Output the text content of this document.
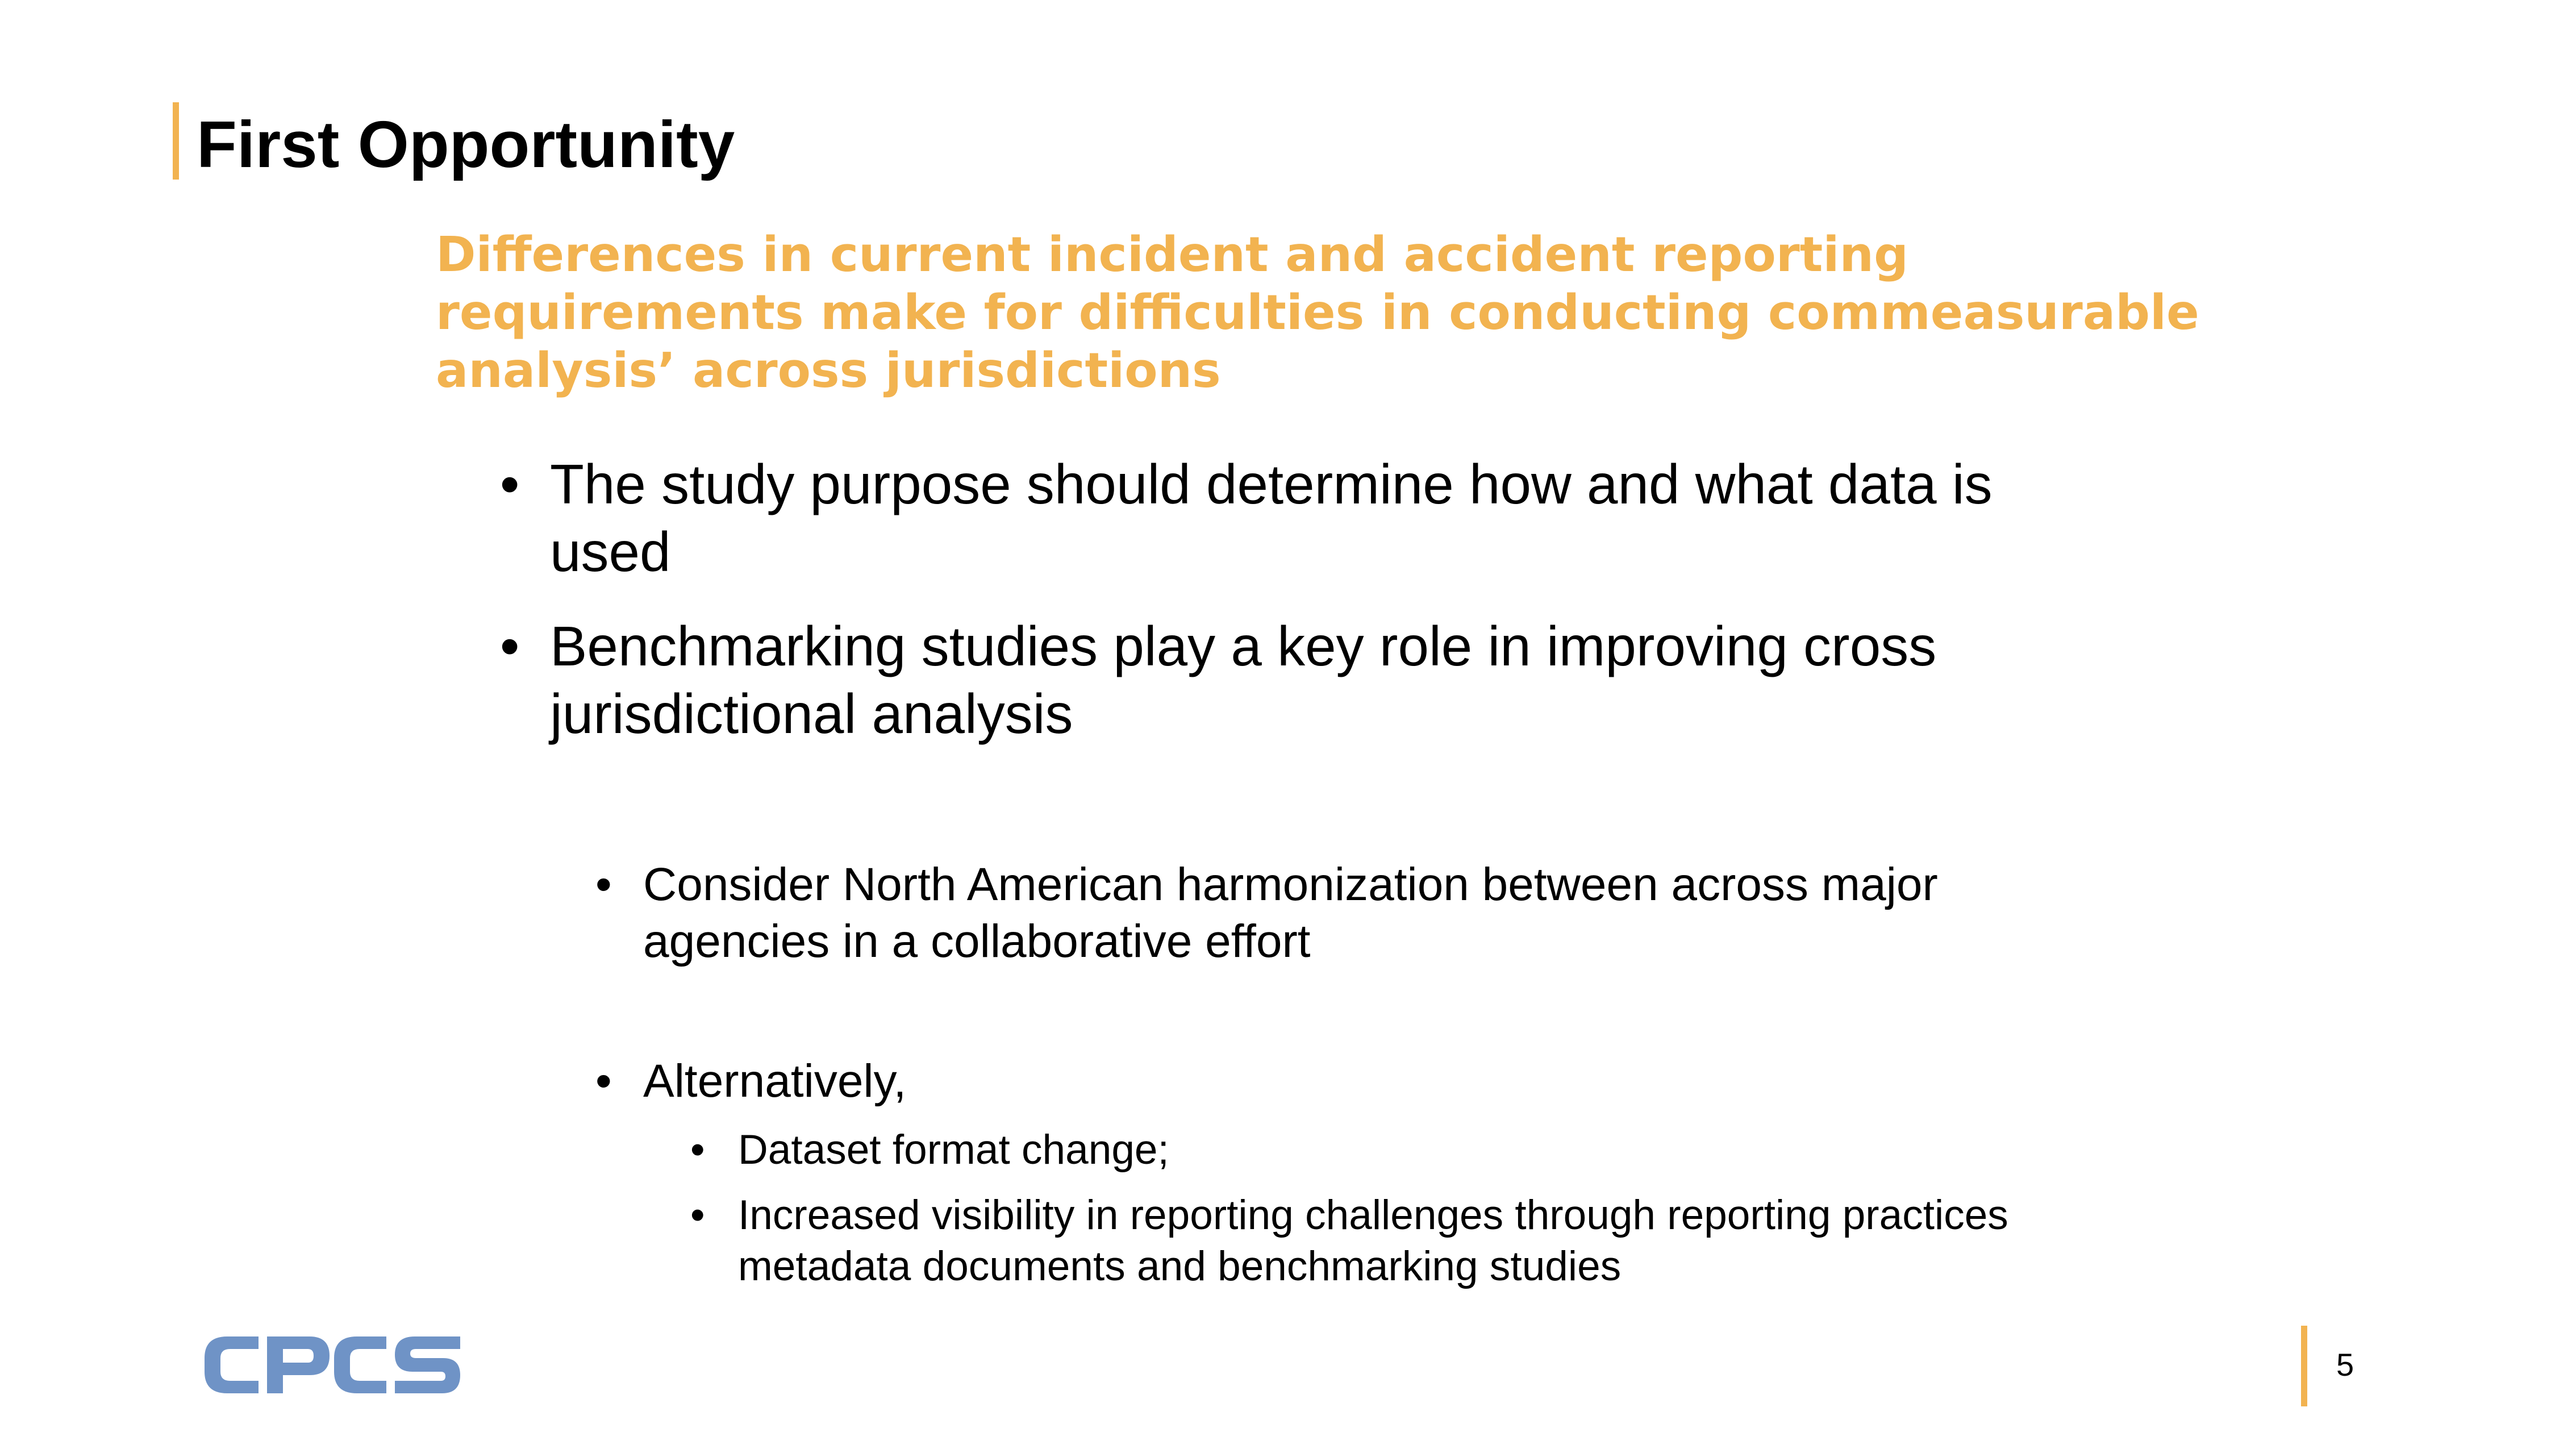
First Opportunity
Differences in current incident and accident reporting
requirements make for difficulties in conducting commeasurable
analysis’ across jurisdictions
• The study purpose should determine how and what data is
used
• Benchmarking studies play a key role in improving cross
jurisdictional analysis
• Consider North American harmonization between across major
agencies in a collaborative effort
• Alternatively,
• Dataset format change;
• Increased visibility in reporting challenges through reporting practices
metadata documents and benchmarking studies
5
